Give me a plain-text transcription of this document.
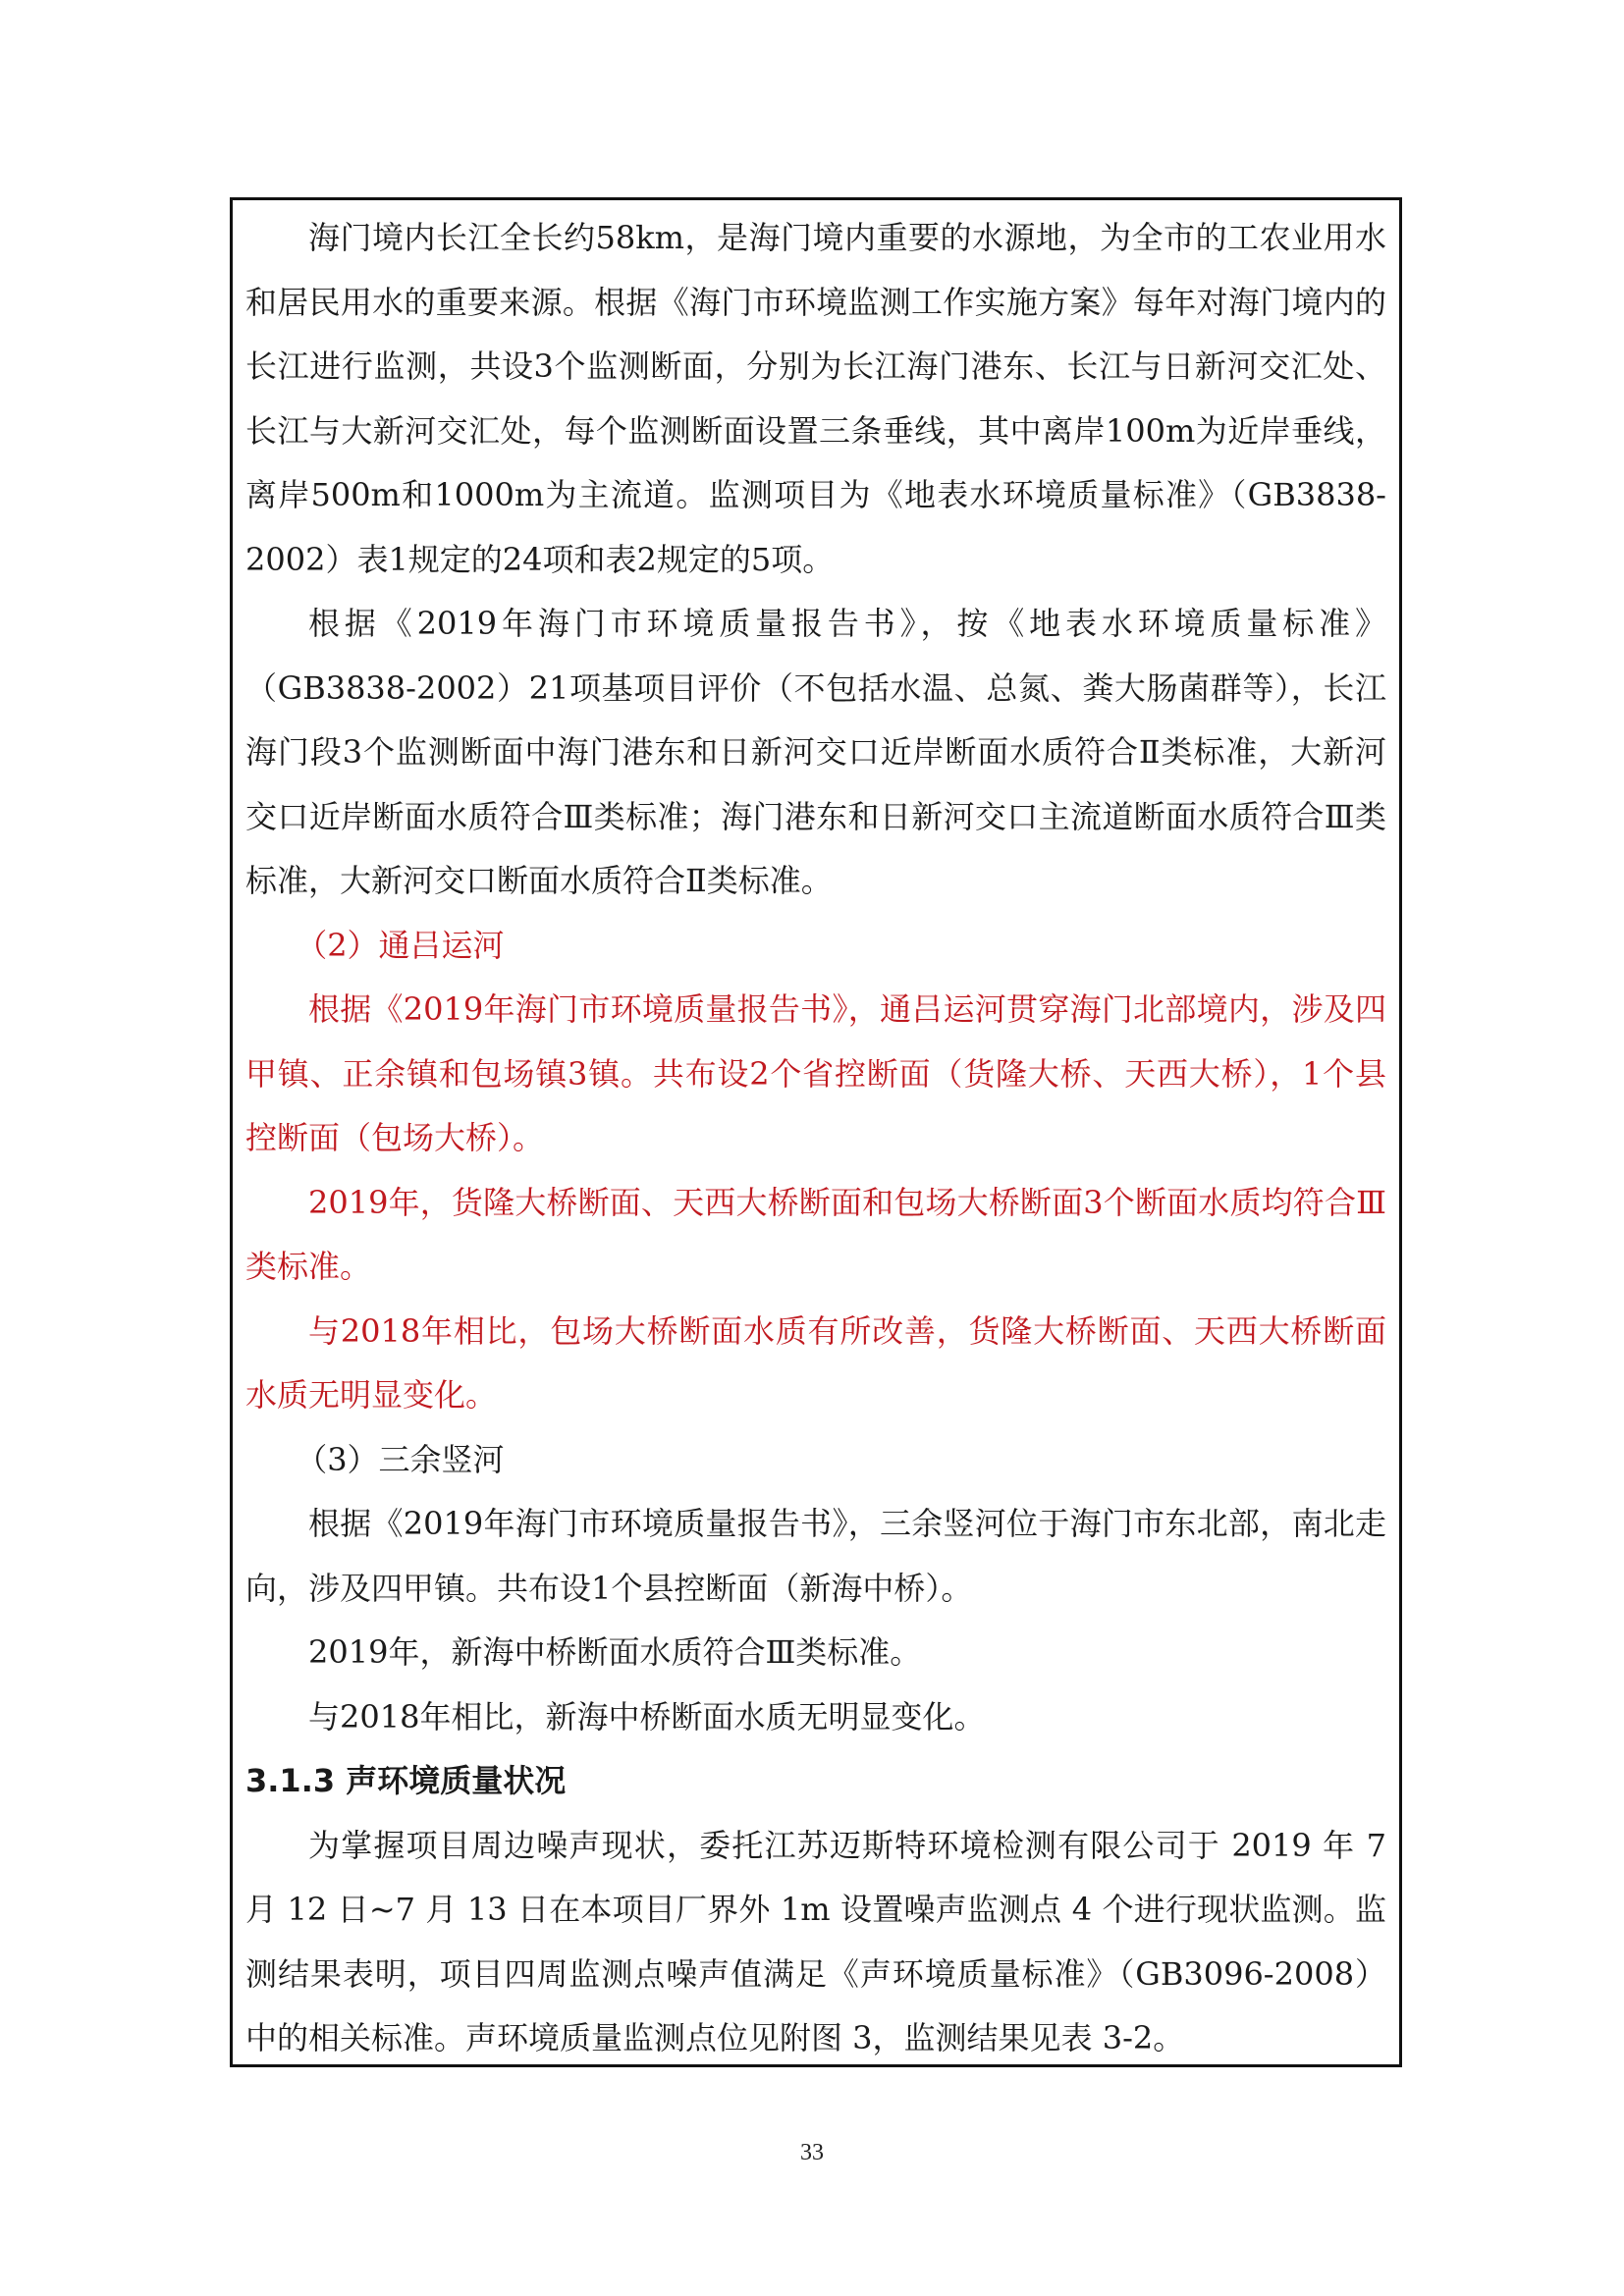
海门境内长江全长约58km，是海门境内重要的水源地，为全市的工农业用水和居民用水的重要来源。根据《海门市环境监测工作实施方案》每年对海门境内的长江进行监测，共设3个监测断面，分别为长江海门港东、长江与日新河交汇处、长江与大新河交汇处，每个监测断面设置三条垂线，其中离岸100m为近岸垂线，离岸500m和1000m为主流道。监测项目为《地表水环境质量标准》（GB3838-2002）表1规定的24项和表2规定的5项。

根据《2019年海门市环境质量报告书》，按《地表水环境质量标准》（GB3838-2002）21项基项目评价（不包括水温、总氮、粪大肠菌群等），长江海门段3个监测断面中海门港东和日新河交口近岸断面水质符合Ⅱ类标准，大新河交口近岸断面水质符合Ⅲ类标准；海门港东和日新河交口主流道断面水质符合Ⅲ类标准，大新河交口断面水质符合Ⅱ类标准。

（2）通吕运河

根据《2019年海门市环境质量报告书》，通吕运河贯穿海门北部境内，涉及四甲镇、正余镇和包场镇3镇。共布设2个省控断面（货隆大桥、天西大桥），1个县控断面（包场大桥）。

2019年，货隆大桥断面、天西大桥断面和包场大桥断面3个断面水质均符合Ⅲ类标准。

与2018年相比，包场大桥断面水质有所改善，货隆大桥断面、天西大桥断面水质无明显变化。

（3）三余竖河

根据《2019年海门市环境质量报告书》，三余竖河位于海门市东北部，南北走向，涉及四甲镇。共布设1个县控断面（新海中桥）。

2019年，新海中桥断面水质符合Ⅲ类标准。

与2018年相比，新海中桥断面水质无明显变化。

3.1.3 声环境质量状况

为掌握项目周边噪声现状，委托江苏迈斯特环境检测有限公司于 2019 年 7 月 12 日~7 月 13 日在本项目厂界外 1m 设置噪声监测点 4 个进行现状监测。监测结果表明，项目四周监测点噪声值满足《声环境质量标准》（GB3096-2008）中的相关标准。声环境质量监测点位见附图 3，监测结果见表 3-2。

33
